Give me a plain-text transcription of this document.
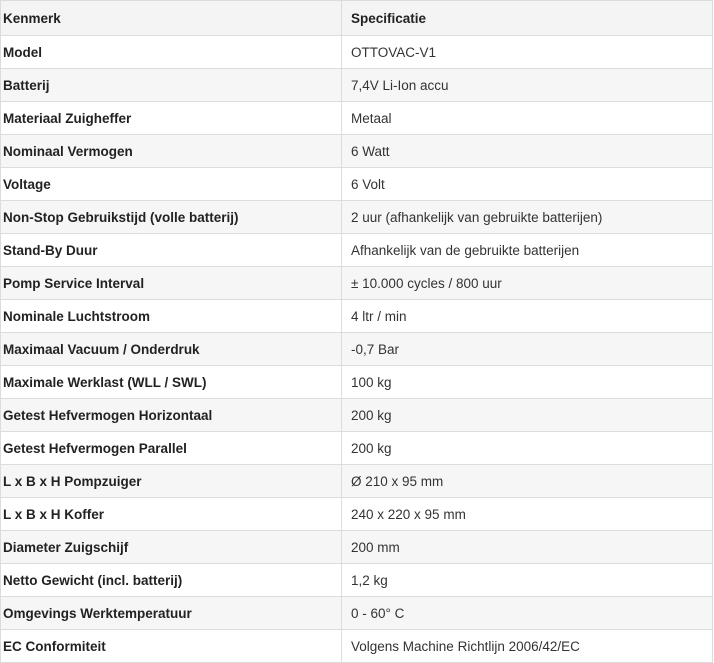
Kenmerk	Specificatie
Model	OTTOVAC-V1
Batterij	7,4V Li-Ion accu
Materiaal Zuigheffer	Metaal
Nominaal Vermogen	6 Watt
Voltage	6 Volt
Non-Stop Gebruikstijd (volle batterij)	2 uur (afhankelijk van gebruikte batterijen)
Stand-By Duur	Afhankelijk van de gebruikte batterijen
Pomp Service Interval	± 10.000 cycles / 800 uur
Nominale Luchtstroom	4 ltr / min
Maximaal Vacuum / Onderdruk	-0,7 Bar
Maximale Werklast (WLL / SWL)	100 kg
Getest Hefvermogen Horizontaal	200 kg
Getest Hefvermogen Parallel	200 kg
L x B x H Pompzuiger	Ø 210 x 95 mm
L x B x H Koffer	240 x 220 x 95 mm
Diameter Zuigschijf	200 mm
Netto Gewicht (incl. batterij)	1,2 kg
Omgevings Werktemperatuur	0 - 60° C
EC Conformiteit	Volgens Machine Richtlijn 2006/42/EC
